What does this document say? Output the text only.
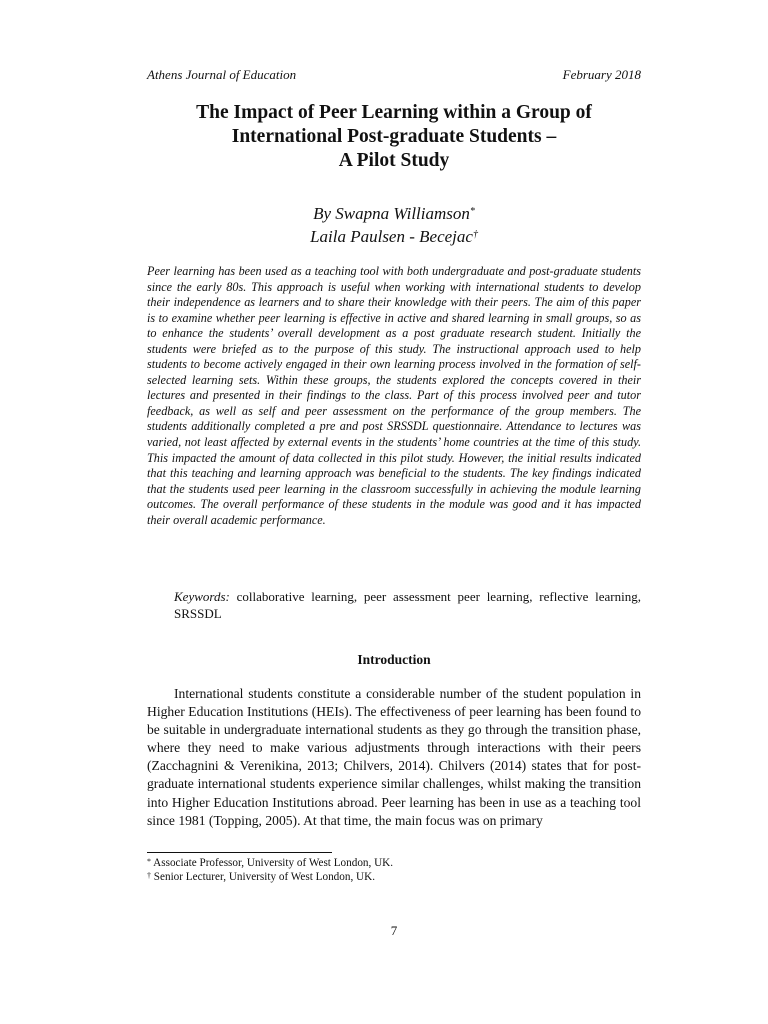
Athens Journal of Education	February 2018
The Impact of Peer Learning within a Group of
International Post-graduate Students –
A Pilot Study
By Swapna Williamson*
Laila Paulsen - Becejac†
Peer learning has been used as a teaching tool with both undergraduate and post-graduate students since the early 80s. This approach is useful when working with international students to develop their independence as learners and to share their knowledge with their peers. The aim of this paper is to examine whether peer learning is effective in active and shared learning in small groups, so as to enhance the students’ overall development as a post graduate research student. Initially the students were briefed as to the purpose of this study. The instructional approach used to help students to become actively engaged in their own learning process involved in the formation of self-selected learning sets. Within these groups, the students explored the concepts covered in their lectures and presented in their findings to the class. Part of this process involved peer and tutor feedback, as well as self and peer assessment on the performance of the group members. The students additionally completed a pre and post SRSSDL questionnaire. Attendance to lectures was varied, not least affected by external events in the students’ home countries at the time of this study. This impacted the amount of data collected in this pilot study. However, the initial results indicated that this teaching and learning approach was beneficial to the students. The key findings indicated that the students used peer learning in the classroom successfully in achieving the module learning outcomes. The overall performance of these students in the module was good and it has impacted their overall academic performance.
Keywords: collaborative learning, peer assessment peer learning, reflective learning, SRSSDL
Introduction
International students constitute a considerable number of the student population in Higher Education Institutions (HEIs). The effectiveness of peer learning has been found to be suitable in undergraduate international students as they go through the transition phase, where they need to make various adjustments through interactions with their peers (Zacchagnini & Verenikina, 2013; Chilvers, 2014). Chilvers (2014) states that for post-graduate international students experience similar challenges, whilst making the transition into Higher Education Institutions abroad. Peer learning has been in use as a teaching tool since 1981 (Topping, 2005). At that time, the main focus was on primary
* Associate Professor, University of West London, UK.
† Senior Lecturer, University of West London, UK.
7
